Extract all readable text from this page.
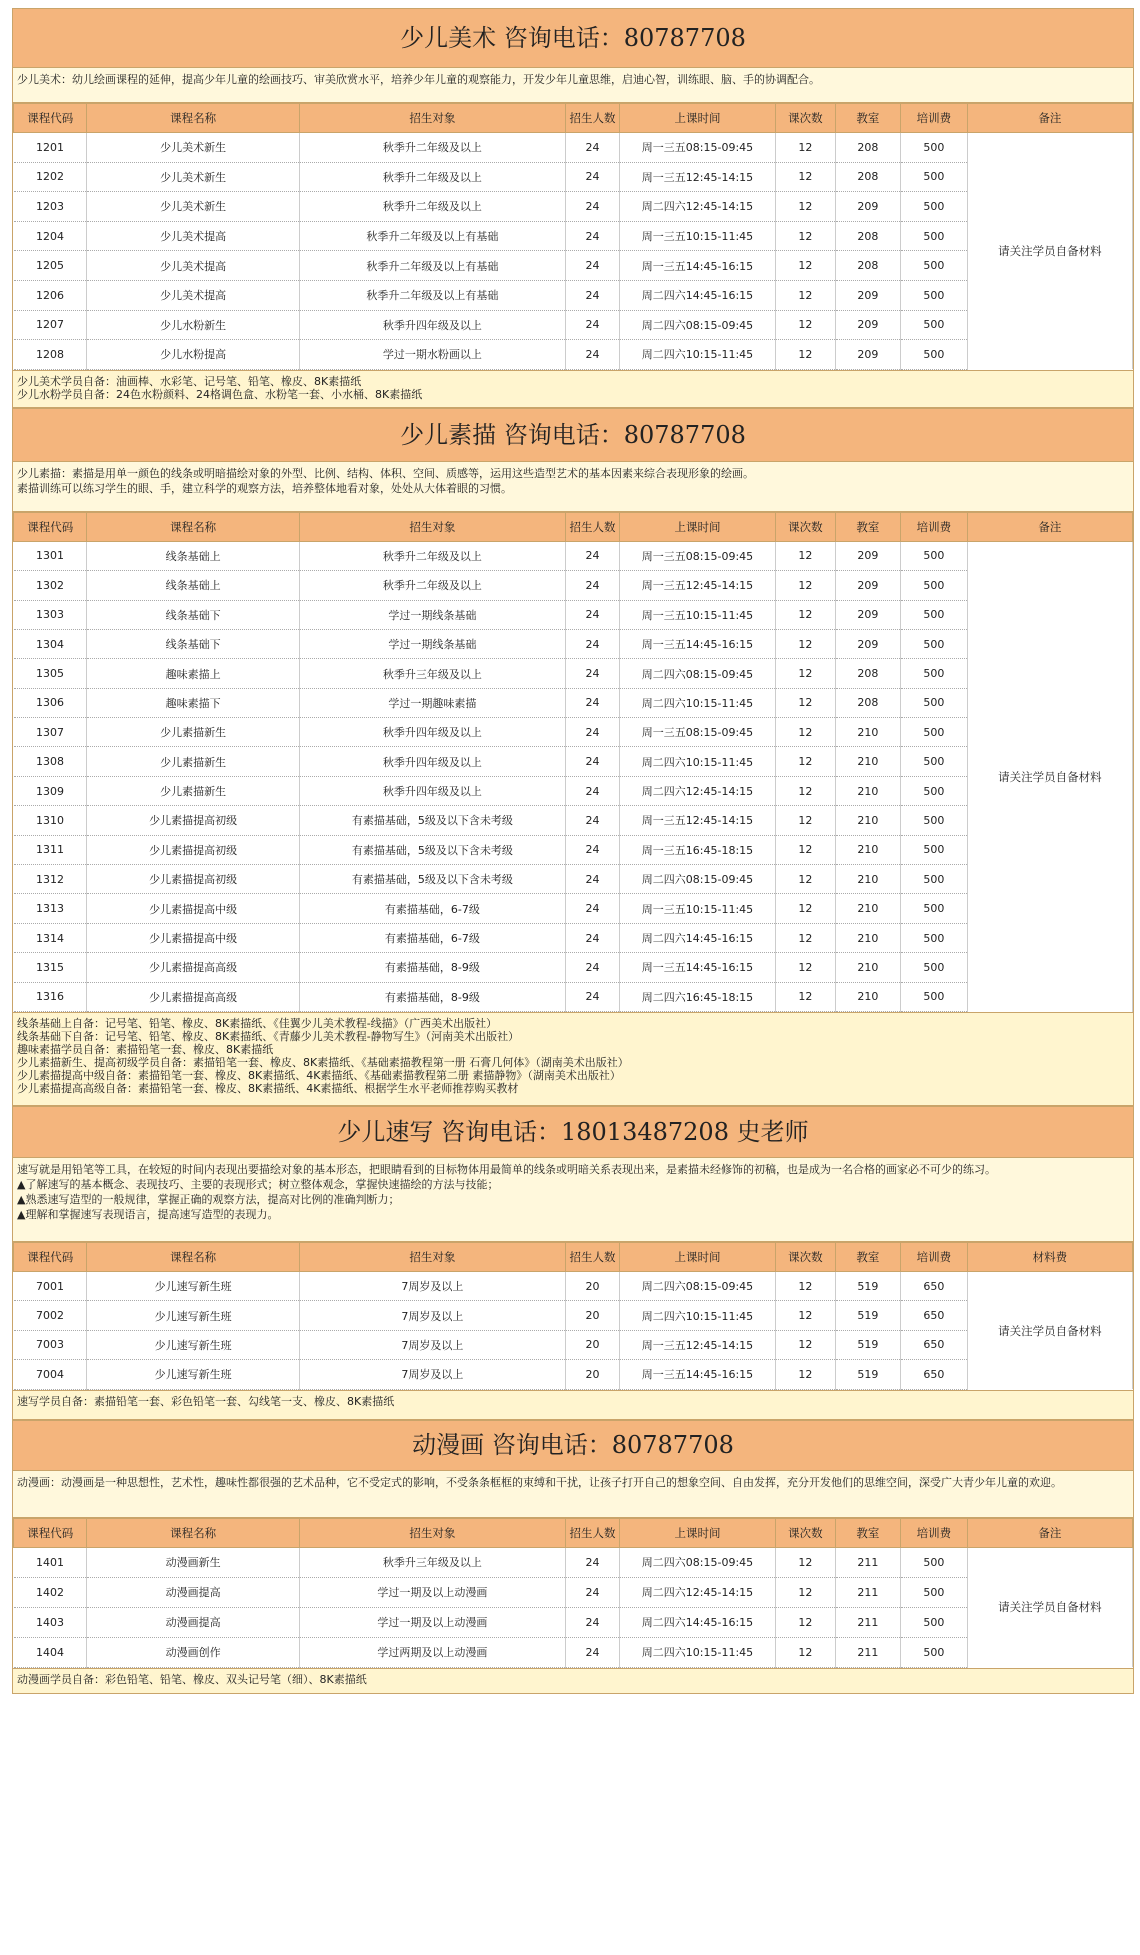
少儿美术 咨询电话：80787708
少儿美术：幼儿绘画课程的延伸，提高少年儿童的绘画技巧、审美欣赏水平，培养少年儿童的观察能力，开发少年儿童思维，启迪心智，训练眼、脑、手的协调配合。
课程代码	课程名称	招生对象	招生人数	上课时间	课次数	教室	培训费	备注
1201	少儿美术新生	秋季升二年级及以上	24	周一三五08:15-09:45	12	208	500	请关注学员自备材料
1202	少儿美术新生	秋季升二年级及以上	24	周一三五12:45-14:15	12	208	500	
1203	少儿美术新生	秋季升二年级及以上	24	周二四六12:45-14:15	12	209	500	
1204	少儿美术提高	秋季升二年级及以上有基础	24	周一三五10:15-11:45	12	208	500	
1205	少儿美术提高	秋季升二年级及以上有基础	24	周一三五14:45-16:15	12	208	500	
1206	少儿美术提高	秋季升二年级及以上有基础	24	周二四六14:45-16:15	12	209	500	
1207	少儿水粉新生	秋季升四年级及以上	24	周二四六08:15-09:45	12	209	500	
1208	少儿水粉提高	学过一期水粉画以上	24	周二四六10:15-11:45	12	209	500	
少儿美术学员自备：油画棒、水彩笔、记号笔、铅笔、橡皮、8K素描纸
少儿水粉学员自备：24色水粉颜料、24格调色盒、水粉笔一套、小水桶、8K素描纸
少儿素描 咨询电话：80787708
少儿素描：素描是用单一颜色的线条或明暗描绘对象的外型、比例、结构、体积、空间、质感等，运用这些造型艺术的基本因素来综合表现形象的绘画。
素描训练可以练习学生的眼、手，建立科学的观察方法，培养整体地看对象，处处从大体着眼的习惯。
课程代码	课程名称	招生对象	招生人数	上课时间	课次数	教室	培训费	备注
1301	线条基础上	秋季升二年级及以上	24	周一三五08:15-09:45	12	209	500	请关注学员自备材料
1302	线条基础上	秋季升二年级及以上	24	周一三五12:45-14:15	12	209	500	
1303	线条基础下	学过一期线条基础	24	周一三五10:15-11:45	12	209	500	
1304	线条基础下	学过一期线条基础	24	周一三五14:45-16:15	12	209	500	
1305	趣味素描上	秋季升三年级及以上	24	周二四六08:15-09:45	12	208	500	
1306	趣味素描下	学过一期趣味素描	24	周二四六10:15-11:45	12	208	500	
1307	少儿素描新生	秋季升四年级及以上	24	周一三五08:15-09:45	12	210	500	
1308	少儿素描新生	秋季升四年级及以上	24	周二四六10:15-11:45	12	210	500	
1309	少儿素描新生	秋季升四年级及以上	24	周二四六12:45-14:15	12	210	500	
1310	少儿素描提高初级	有素描基础，5级及以下含未考级	24	周一三五12:45-14:15	12	210	500	
1311	少儿素描提高初级	有素描基础，5级及以下含未考级	24	周一三五16:45-18:15	12	210	500	
1312	少儿素描提高初级	有素描基础，5级及以下含未考级	24	周二四六08:15-09:45	12	210	500	
1313	少儿素描提高中级	有素描基础，6-7级	24	周一三五10:15-11:45	12	210	500	
1314	少儿素描提高中级	有素描基础，6-7级	24	周二四六14:45-16:15	12	210	500	
1315	少儿素描提高高级	有素描基础，8-9级	24	周一三五14:45-16:15	12	210	500	
1316	少儿素描提高高级	有素描基础，8-9级	24	周二四六16:45-18:15	12	210	500	
线条基础上自备：记号笔、铅笔、橡皮、8K素描纸、《佳翼少儿美术教程-线描》（广西美术出版社）
线条基础下自备：记号笔、铅笔、橡皮、8K素描纸、《青藤少儿美术教程-静物写生》（河南美术出版社）
趣味素描学员自备：素描铅笔一套、橡皮、8K素描纸
少儿素描新生、提高初级学员自备：素描铅笔一套、橡皮、8K素描纸、《基础素描教程第一册 石膏几何体》（湖南美术出版社）
少儿素描提高中级自备：素描铅笔一套、橡皮、8K素描纸、4K素描纸、《基础素描教程第二册 素描静物》（湖南美术出版社）
少儿素描提高高级自备：素描铅笔一套、橡皮、8K素描纸、4K素描纸、根据学生水平老师推荐购买教材
少儿速写 咨询电话：18013487208 史老师
速写就是用铅笔等工具，在较短的时间内表现出要描绘对象的基本形态，把眼睛看到的目标物体用最简单的线条或明暗关系表现出来，是素描未经修饰的初稿，也是成为一名合格的画家必不可少的练习。
▲了解速写的基本概念、表现技巧、主要的表现形式；树立整体观念，掌握快速描绘的方法与技能；
▲熟悉速写造型的一般规律，掌握正确的观察方法，提高对比例的准确判断力；
▲理解和掌握速写表现语言，提高速写造型的表现力。
课程代码	课程名称	招生对象	招生人数	上课时间	课次数	教室	培训费	材料费
7001	少儿速写新生班	7周岁及以上	20	周二四六08:15-09:45	12	519	650	请关注学员自备材料
7002	少儿速写新生班	7周岁及以上	20	周二四六10:15-11:45	12	519	650	
7003	少儿速写新生班	7周岁及以上	20	周一三五12:45-14:15	12	519	650	
7004	少儿速写新生班	7周岁及以上	20	周一三五14:45-16:15	12	519	650	
速写学员自备：素描铅笔一套、彩色铅笔一套、勾线笔一支、橡皮、8K素描纸
动漫画 咨询电话：80787708
动漫画：动漫画是一种思想性，艺术性，趣味性都很强的艺术品种，它不受定式的影响，不受条条框框的束缚和干扰，让孩子打开自己的想象空间、自由发挥，充分开发他们的思维空间，深受广大青少年儿童的欢迎。
课程代码	课程名称	招生对象	招生人数	上课时间	课次数	教室	培训费	备注
1401	动漫画新生	秋季升三年级及以上	24	周二四六08:15-09:45	12	211	500	请关注学员自备材料
1402	动漫画提高	学过一期及以上动漫画	24	周二四六12:45-14:15	12	211	500	
1403	动漫画提高	学过一期及以上动漫画	24	周二四六14:45-16:15	12	211	500	
1404	动漫画创作	学过两期及以上动漫画	24	周二四六10:15-11:45	12	211	500	
动漫画学员自备：彩色铅笔、铅笔、橡皮、双头记号笔（细）、8K素描纸
